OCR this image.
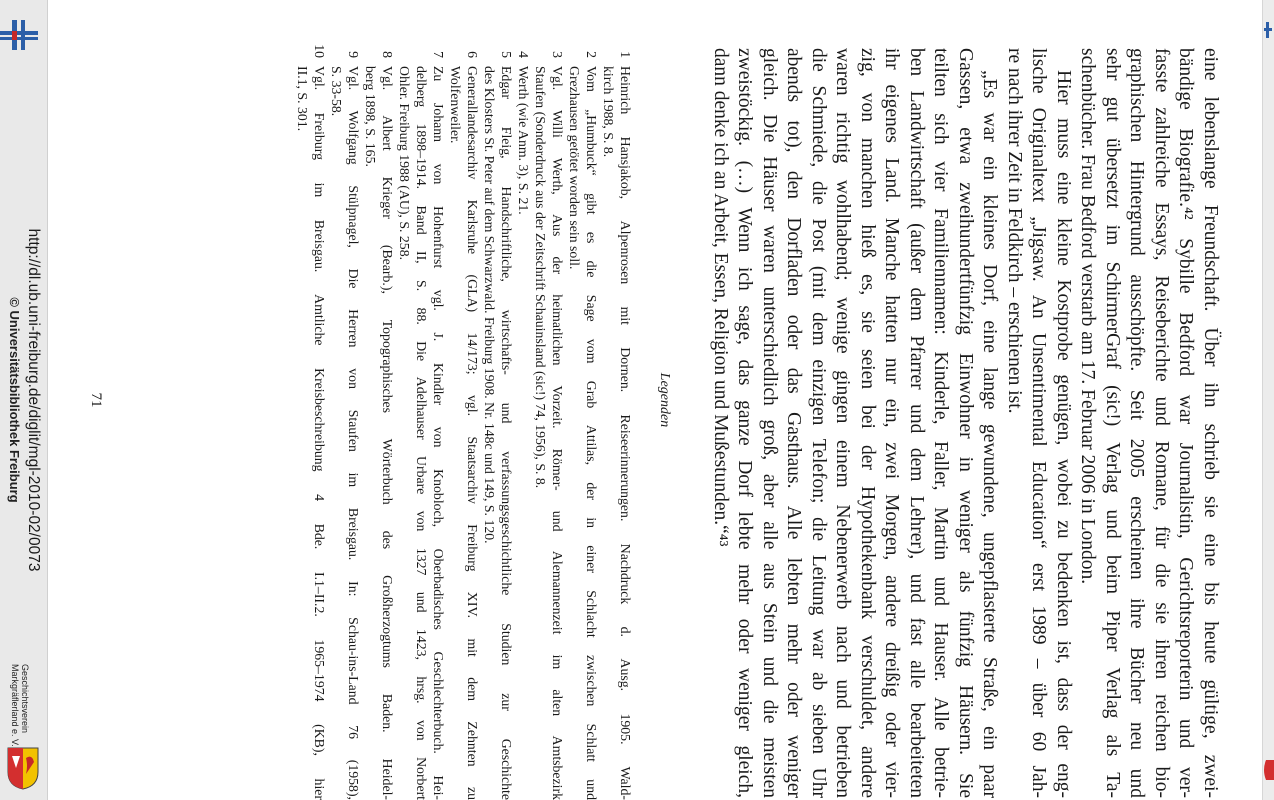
Geschichtsverein
Markgräflerland e. V.
http://dl.ub.uni-freiburg.de/diglit/mgl-2010-02/0073
© Universitätsbibliothek Freiburg	eine lebenslange Freundschaft. Über ihn schrieb sie eine bis heute gültige, zwei-
bändige Biografie.⁴² Sybille Bedford war Journalistin, Gerichtsreporterin und ver-
fasste zahlreiche Essays, Reiseberichte und Romane, für die sie ihren reichen bio-
graphischen Hintergrund ausschöpfte. Seit 2005 erscheinen ihre Bücher neu und
sehr gut übersetzt im SchirmerGraf (sic!) Verlag und beim Piper Verlag als Ta-
schenbücher. Frau Bedford verstarb am 17. Februar 2006 in London.
Hier muss eine kleine Kostprobe genügen, wobei zu bedenken ist, dass der eng-
lische Originaltext „Jigsaw. An Unsentimental Education“ erst 1989 – über 60 Jah-
re nach ihrer Zeit in Feldkirch – erschienen ist.
„Es war ein kleines Dorf, eine lange gewundene, ungepflasterte Straße, ein paar
Gassen, etwa zweihundertfünfzig Einwohner in weniger als fünfzig Häusern. Sie
teilten sich vier Familiennamen: Kinderle, Faller, Martin und Hauser. Alle betrie-
ben Landwirtschaft (außer dem Pfarrer und dem Lehrer), und fast alle bearbeiteten
ihr eigenes Land. Manche hatten nur ein, zwei Morgen, andere dreißig oder vier-
zig, von manchen hieß es, sie seien bei der Hypothekenbank verschuldet, andere
waren richtig wohlhabend; wenige gingen einem Nebenerwerb nach und betrieben
die Schmiede, die Post (mit dem einzigen Telefon; die Leitung war ab sieben Uhr
abends tot), den Dorfladen oder das Gasthaus. Alle lebten mehr oder weniger
gleich. Die Häuser waren unterschiedlich groß, aber alle aus Stein und die meisten
zweistöckig. (…) Wenn ich sage, das ganze Dorf lebte mehr oder weniger gleich,
dann denke ich an Arbeit, Essen, Religion und Mußestunden.“⁴³
Legenden
1
Heinrich Hansjakob, Alpenrosen mit Dornen. Reiseerinnerungen. Nachdruck d. Ausg. 1905. Wald-
kirch 1988, S. 8.
2
Vom „Humbuck“ gibt es die Sage vom Grab Attilas, der in einer Schlacht zwischen Schlatt und
Grezhausen getötet worden sein soll.
3
Vgl. Willi Werth, Aus der heimatlichen Vorzeit. Römer- und Alemannenzeit im alten Amtsbezirk
Staufen (Sonderdruck aus der Zeitschrift Schauinsland (sic!) 74, 1956), S. 8.
4
Werth (wie Anm. 3), S. 21.
5
Edgar Fleig, Handschriftliche, wirtschafts- und verfassungsgeschichtliche Studien zur Geschichte
des Klosters St. Peter auf dem Schwarzwald. Freiburg 1908. Nr. 148c und 149, S. 120.
6
Generallandesarchiv Karlsruhe (GLA) 14/173; vgl. Staatsarchiv Freiburg XIV. mit dem Zehnten zu
Wolfenweiler.
7
Zu Johann von Hohenfurst vgl. J. Kindler von Knobloch, Oberbadisches Geschlechterbuch. Hei-
delberg 1898–1914. Band II, S. 88. Die Adelhauser Urbare von 1327 und 1423, hrsg. von Norbert
Ohler. Freiburg 1988 (AU), S. 258.
8
Vgl. Albert Krieger (Bearb.), Topographisches Wörterbuch des Großherzogtums Baden. Heidel-
berg 1898, S. 165.
9
Vgl. Wolfgang Stülpnagel, Die Herren von Staufen im Breisgau. In: Schau-ins-Land 76 (1958),
S. 33-58.
10
Vgl. Freiburg im Breisgau. Amtliche Kreisbeschreibung 4 Bde. I.1–II.2. 1965–1974 (KB), hier
II.1, S. 301.
71
